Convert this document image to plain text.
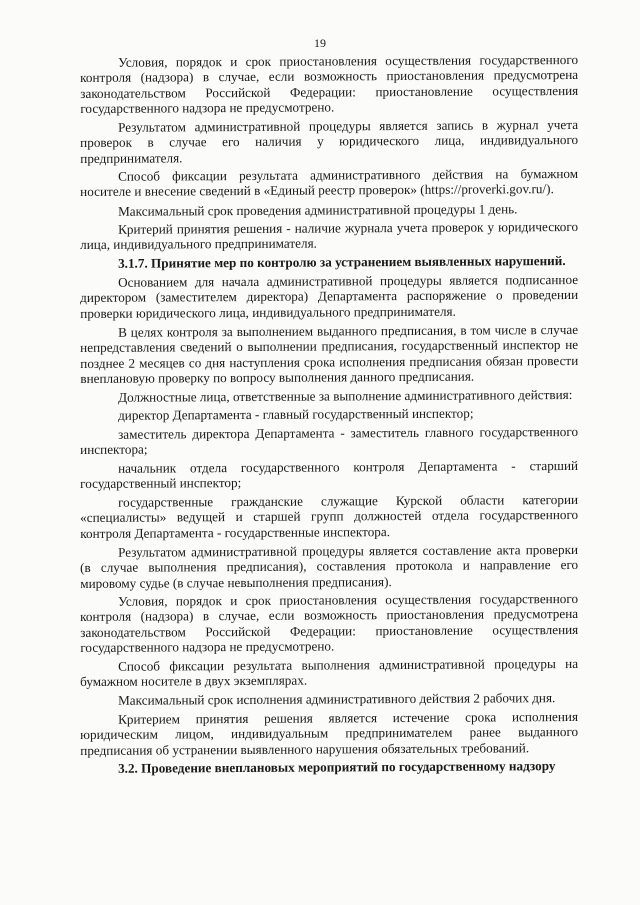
19

Условия, порядок и срок приостановления осуществления государственного контроля (надзора) в случае, если возможность приостановления предусмотрена законодательством Российской Федерации: приостановление осуществления государственного надзора не предусмотрено.

Результатом административной процедуры является запись в журнал учета проверок в случае его наличия у юридического лица, индивидуального предпринимателя.

Способ фиксации результата административного действия на бумажном носителе и внесение сведений в «Единый реестр проверок» (https://proverki.gov.ru/).

Максимальный срок проведения административной процедуры 1 день.

Критерий принятия решения - наличие журнала учета проверок у юридического лица, индивидуального предпринимателя.

3.1.7. Принятие мер по контролю за устранением выявленных нарушений.

Основанием для начала административной процедуры является подписанное директором (заместителем директора) Департамента распоряжение о проведении проверки юридического лица, индивидуального предпринимателя.

В целях контроля за выполнением выданного предписания, в том числе в случае непредставления сведений о выполнении предписания, государственный инспектор не позднее 2 месяцев со дня наступления срока исполнения предписания обязан провести внеплановую проверку по вопросу выполнения данного предписания.

Должностные лица, ответственные за выполнение административного действия:

директор Департамента - главный государственный инспектор;

заместитель директора Департамента - заместитель главного государственного инспектора;

начальник отдела государственного контроля Департамента - старший государственный инспектор;

государственные гражданские служащие Курской области категории «специалисты» ведущей и старшей групп должностей отдела государственного контроля Департамента - государственные инспектора.

Результатом административной процедуры является составление акта проверки (в случае выполнения предписания), составления протокола и направление его мировому судье (в случае невыполнения предписания).

Условия, порядок и срок приостановления осуществления государственного контроля (надзора) в случае, если возможность приостановления предусмотрена законодательством Российской Федерации: приостановление осуществления государственного надзора не предусмотрено.

Способ фиксации результата выполнения административной процедуры на бумажном носителе в двух экземплярах.

Максимальный срок исполнения административного действия 2 рабочих дня.

Критерием принятия решения является истечение срока исполнения юридическим лицом, индивидуальным предпринимателем ранее выданного предписания об устранении выявленного нарушения обязательных требований.

3.2. Проведение внеплановых мероприятий по государственному надзору
